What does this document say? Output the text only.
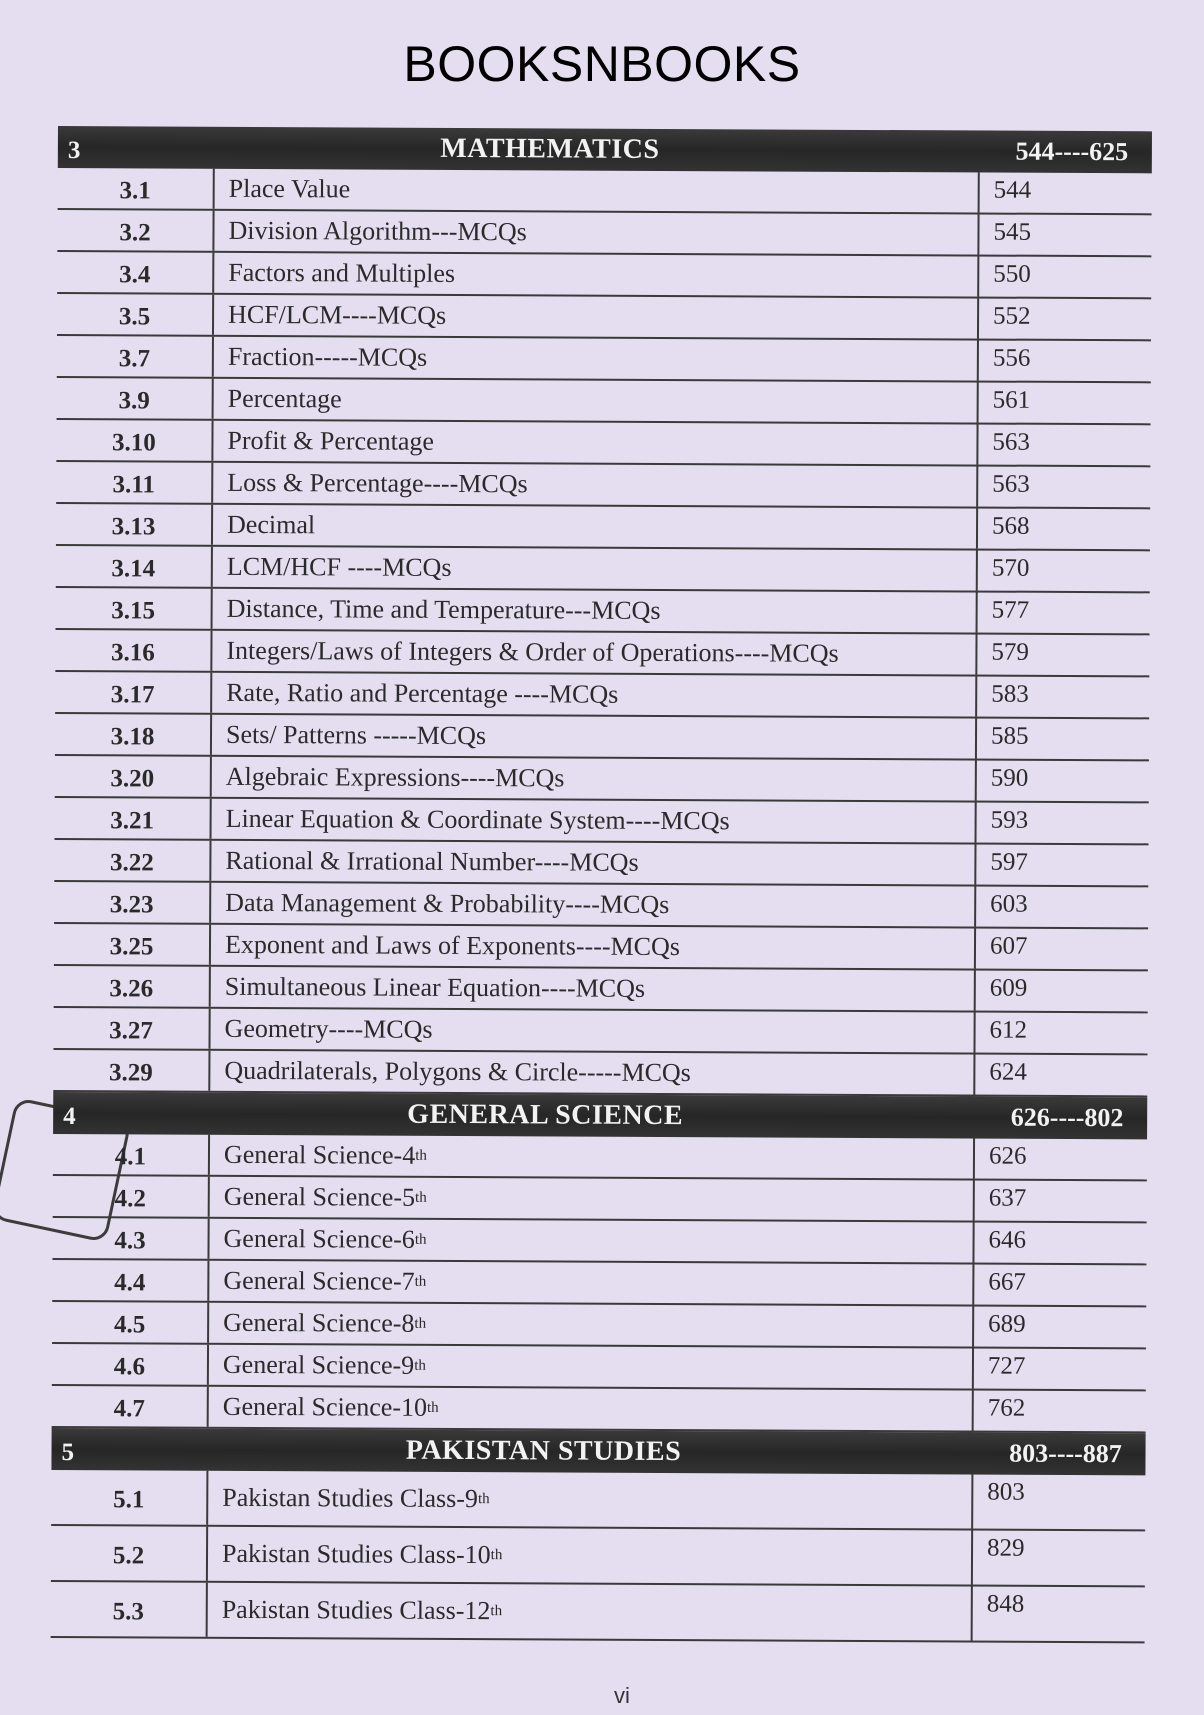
BOOKSNBOOKS
3	MATHEMATICS	544----625
3.1	Place Value	544
3.2	Division Algorithm---MCQs	545
3.4	Factors and Multiples	550
3.5	HCF/LCM----MCQs	552
3.7	Fraction-----MCQs	556
3.9	Percentage	561
3.10	Profit & Percentage	563
3.11	Loss & Percentage----MCQs	563
3.13	Decimal	568
3.14	LCM/HCF ----MCQs	570
3.15	Distance, Time and Temperature---MCQs	577
3.16	Integers/Laws of Integers & Order of Operations----MCQs	579
3.17	Rate, Ratio and Percentage ----MCQs	583
3.18	Sets/ Patterns -----MCQs	585
3.20	Algebraic Expressions----MCQs	590
3.21	Linear Equation & Coordinate System----MCQs	593
3.22	Rational & Irrational Number----MCQs	597
3.23	Data Management & Probability----MCQs	603
3.25	Exponent and Laws of Exponents----MCQs	607
3.26	Simultaneous Linear Equation----MCQs	609
3.27	Geometry----MCQs	612
3.29	Quadrilaterals, Polygons & Circle-----MCQs	624
4	GENERAL SCIENCE	626----802
4.1	General Science-4 th	626
4.2	General Science-5 th	637
4.3	General Science-6 th	646
4.4	General Science-7 th	667
4.5	General Science-8 th	689
4.6	General Science-9 th	727
4.7	General Science-10 th	762
5	PAKISTAN STUDIES	803----887
5.1	Pakistan Studies Class-9 th	803
5.2	Pakistan Studies Class-10 th	829
5.3	Pakistan Studies Class-12 th	848
vi
